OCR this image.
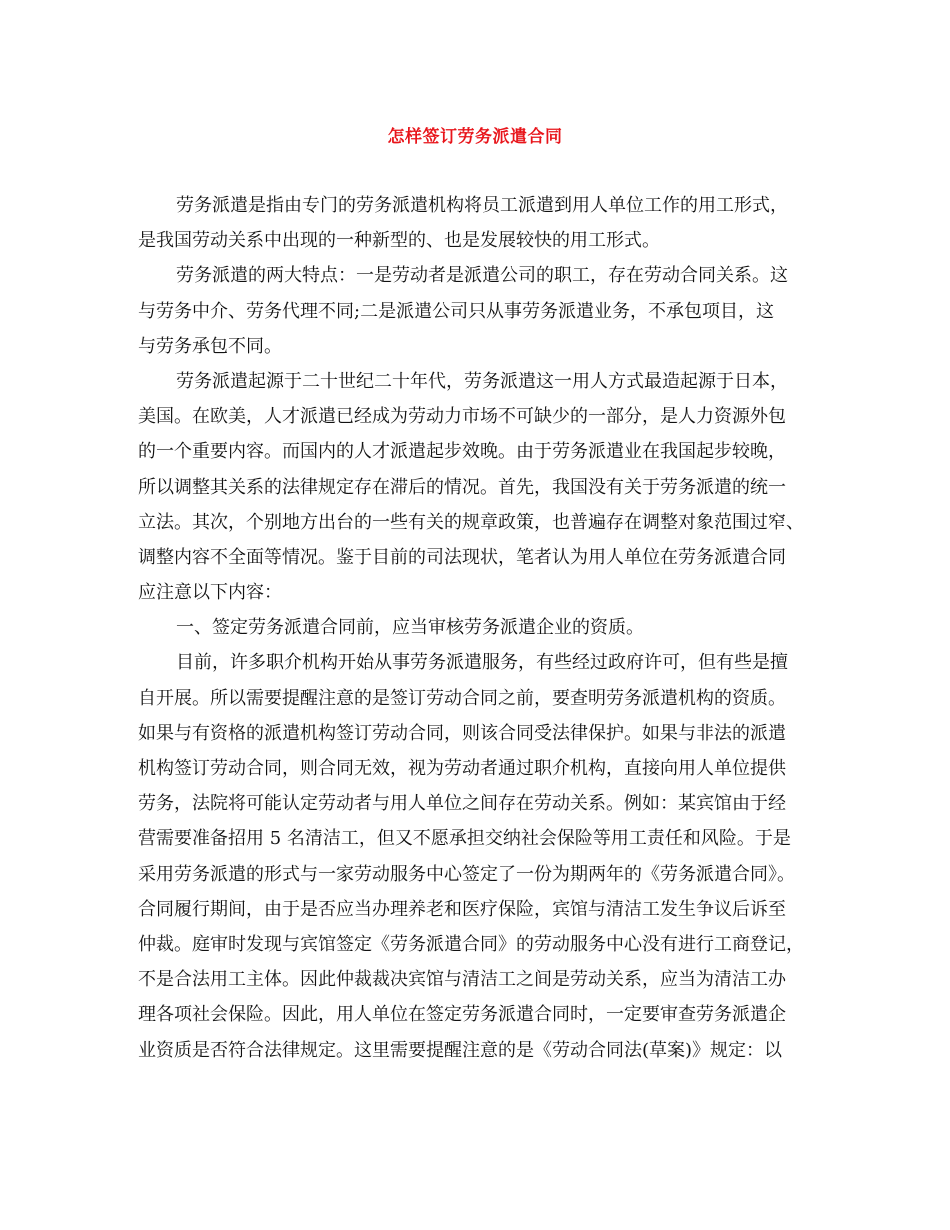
怎样签订劳务派遣合同
劳务派遣是指由专门的劳务派遣机构将员工派遣到用人单位工作的用工形式，
是我国劳动关系中出现的一种新型的、也是发展较快的用工形式。
劳务派遣的两大特点：一是劳动者是派遣公司的职工，存在劳动合同关系。这
与劳务中介、劳务代理不同;二是派遣公司只从事劳务派遣业务，不承包项目，这
与劳务承包不同。
劳务派遣起源于二十世纪二十年代，劳务派遣这一用人方式最造起源于日本，
美国。在欧美，人才派遣已经成为劳动力市场不可缺少的一部分，是人力资源外包
的一个重要内容。而国内的人才派遣起步效晚。由于劳务派遣业在我国起步较晚，
所以调整其关系的法律规定存在滞后的情况。首先，我国没有关于劳务派遣的统一
立法。其次，个别地方出台的一些有关的规章政策，也普遍存在调整对象范围过窄、
调整内容不全面等情况。鉴于目前的司法现状，笔者认为用人单位在劳务派遣合同
应注意以下内容：
一、签定劳务派遣合同前，应当审核劳务派遣企业的资质。
目前，许多职介机构开始从事劳务派遣服务，有些经过政府许可，但有些是擅
自开展。所以需要提醒注意的是签订劳动合同之前，要查明劳务派遣机构的资质。
如果与有资格的派遣机构签订劳动合同，则该合同受法律保护。如果与非法的派遣
机构签订劳动合同，则合同无效，视为劳动者通过职介机构，直接向用人单位提供
劳务，法院将可能认定劳动者与用人单位之间存在劳动关系。例如：某宾馆由于经
营需要准备招用 5 名清洁工，但又不愿承担交纳社会保险等用工责任和风险。于是
采用劳务派遣的形式与一家劳动服务中心签定了一份为期两年的《劳务派遣合同》。
合同履行期间，由于是否应当办理养老和医疗保险，宾馆与清洁工发生争议后诉至
仲裁。庭审时发现与宾馆签定《劳务派遣合同》的劳动服务中心没有进行工商登记，
不是合法用工主体。因此仲裁裁决宾馆与清洁工之间是劳动关系，应当为清洁工办
理各项社会保险。因此，用人单位在签定劳务派遣合同时，一定要审查劳务派遣企
业资质是否符合法律规定。这里需要提醒注意的是《劳动合同法(草案)》规定：以
